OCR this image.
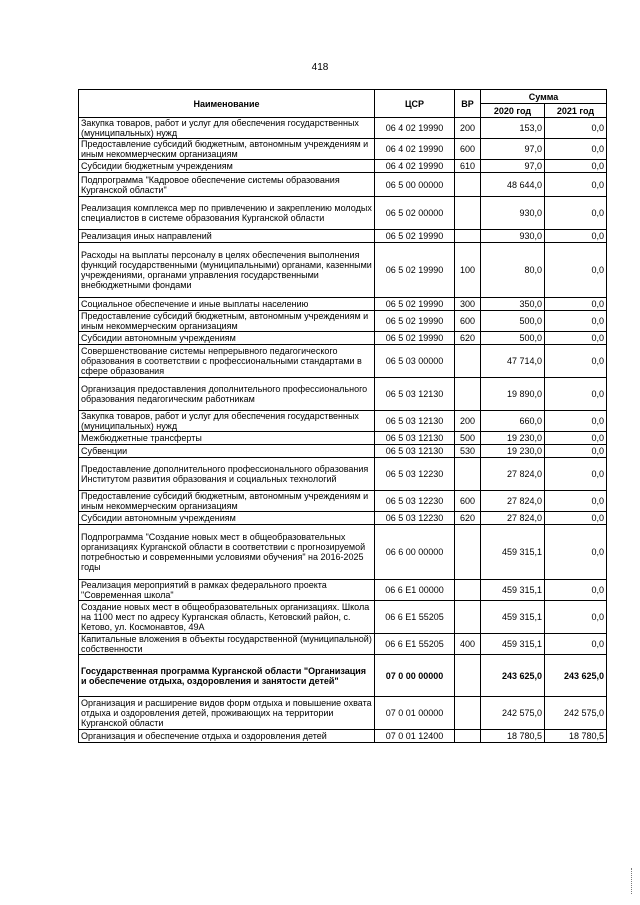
418
Наименование	ЦСР	ВР	Сумма	
			2020 год	2021 год
Закупка товаров, работ и услуг для обеспечения государственных (муниципальных) нужд	06 4 02 19990	200	153,0	0,0
Предоставление субсидий бюджетным, автономным учреждениям и иным некоммерческим организациям	06 4 02 19990	600	97,0	0,0
Субсидии бюджетным учреждениям	06 4 02 19990	610	97,0	0,0
Подпрограмма "Кадровое обеспечение системы образования Курганской области"	06 5 00 00000		48 644,0	0,0
Реализация комплекса мер по привлечению и закреплению молодых специалистов в системе образования Курганской области	06 5 02 00000		930,0	0,0
Реализация иных направлений	06 5 02 19990		930,0	0,0
Расходы на выплаты персоналу в целях обеспечения выполнения функций государственными (муниципальными) органами, казенными учреждениями, органами управления государственными внебюджетными фондами	06 5 02 19990	100	80,0	0,0
Социальное обеспечение и иные выплаты населению	06 5 02 19990	300	350,0	0,0
Предоставление субсидий бюджетным, автономным учреждениям и иным некоммерческим организациям	06 5 02 19990	600	500,0	0,0
Субсидии автономным учреждениям	06 5 02 19990	620	500,0	0,0
Совершенствование системы непрерывного педагогического образования в соответствии с профессиональными стандартами в сфере образования	06 5 03 00000		47 714,0	0,0
Организация предоставления дополнительного профессионального образования педагогическим работникам	06 5 03 12130		19 890,0	0,0
Закупка товаров, работ и услуг для обеспечения государственных (муниципальных) нужд	06 5 03 12130	200	660,0	0,0
Межбюджетные трансферты	06 5 03 12130	500	19 230,0	0,0
Субвенции	06 5 03 12130	530	19 230,0	0,0
Предоставление дополнительного профессионального образования Институтом развития образования и социальных технологий	06 5 03 12230		27 824,0	0,0
Предоставление субсидий бюджетным, автономным учреждениям и иным некоммерческим организациям	06 5 03 12230	600	27 824,0	0,0
Субсидии автономным учреждениям	06 5 03 12230	620	27 824,0	0,0
Подпрограмма "Создание новых мест в общеобразовательных организациях Курганской области в соответствии с прогнозируемой потребностью и современными условиями обучения" на 2016-2025 годы	06 6 00 00000		459 315,1	0,0
Реализация мероприятий в рамках федерального проекта "Современная школа"	06 6 E1 00000		459 315,1	0,0
Создание новых мест в общеобразовательных организациях. Школа на 1100 мест по адресу Курганская область, Кетовский район, с. Кетово, ул. Космонавтов, 49А	06 6 E1 55205		459 315,1	0,0
Капитальные вложения в объекты государственной (муниципальной) собственности	06 6 E1 55205	400	459 315,1	0,0
Государственная программа Курганской области "Организация и обеспечение отдыха, оздоровления и занятости детей"	07 0 00 00000		243 625,0	243 625,0
Организация и расширение видов форм отдыха и повышение охвата отдыха и оздоровления детей, проживающих на территории Курганской области	07 0 01 00000		242 575,0	242 575,0
Организация и обеспечение отдыха и оздоровления детей	07 0 01 12400		18 780,5	18 780,5
